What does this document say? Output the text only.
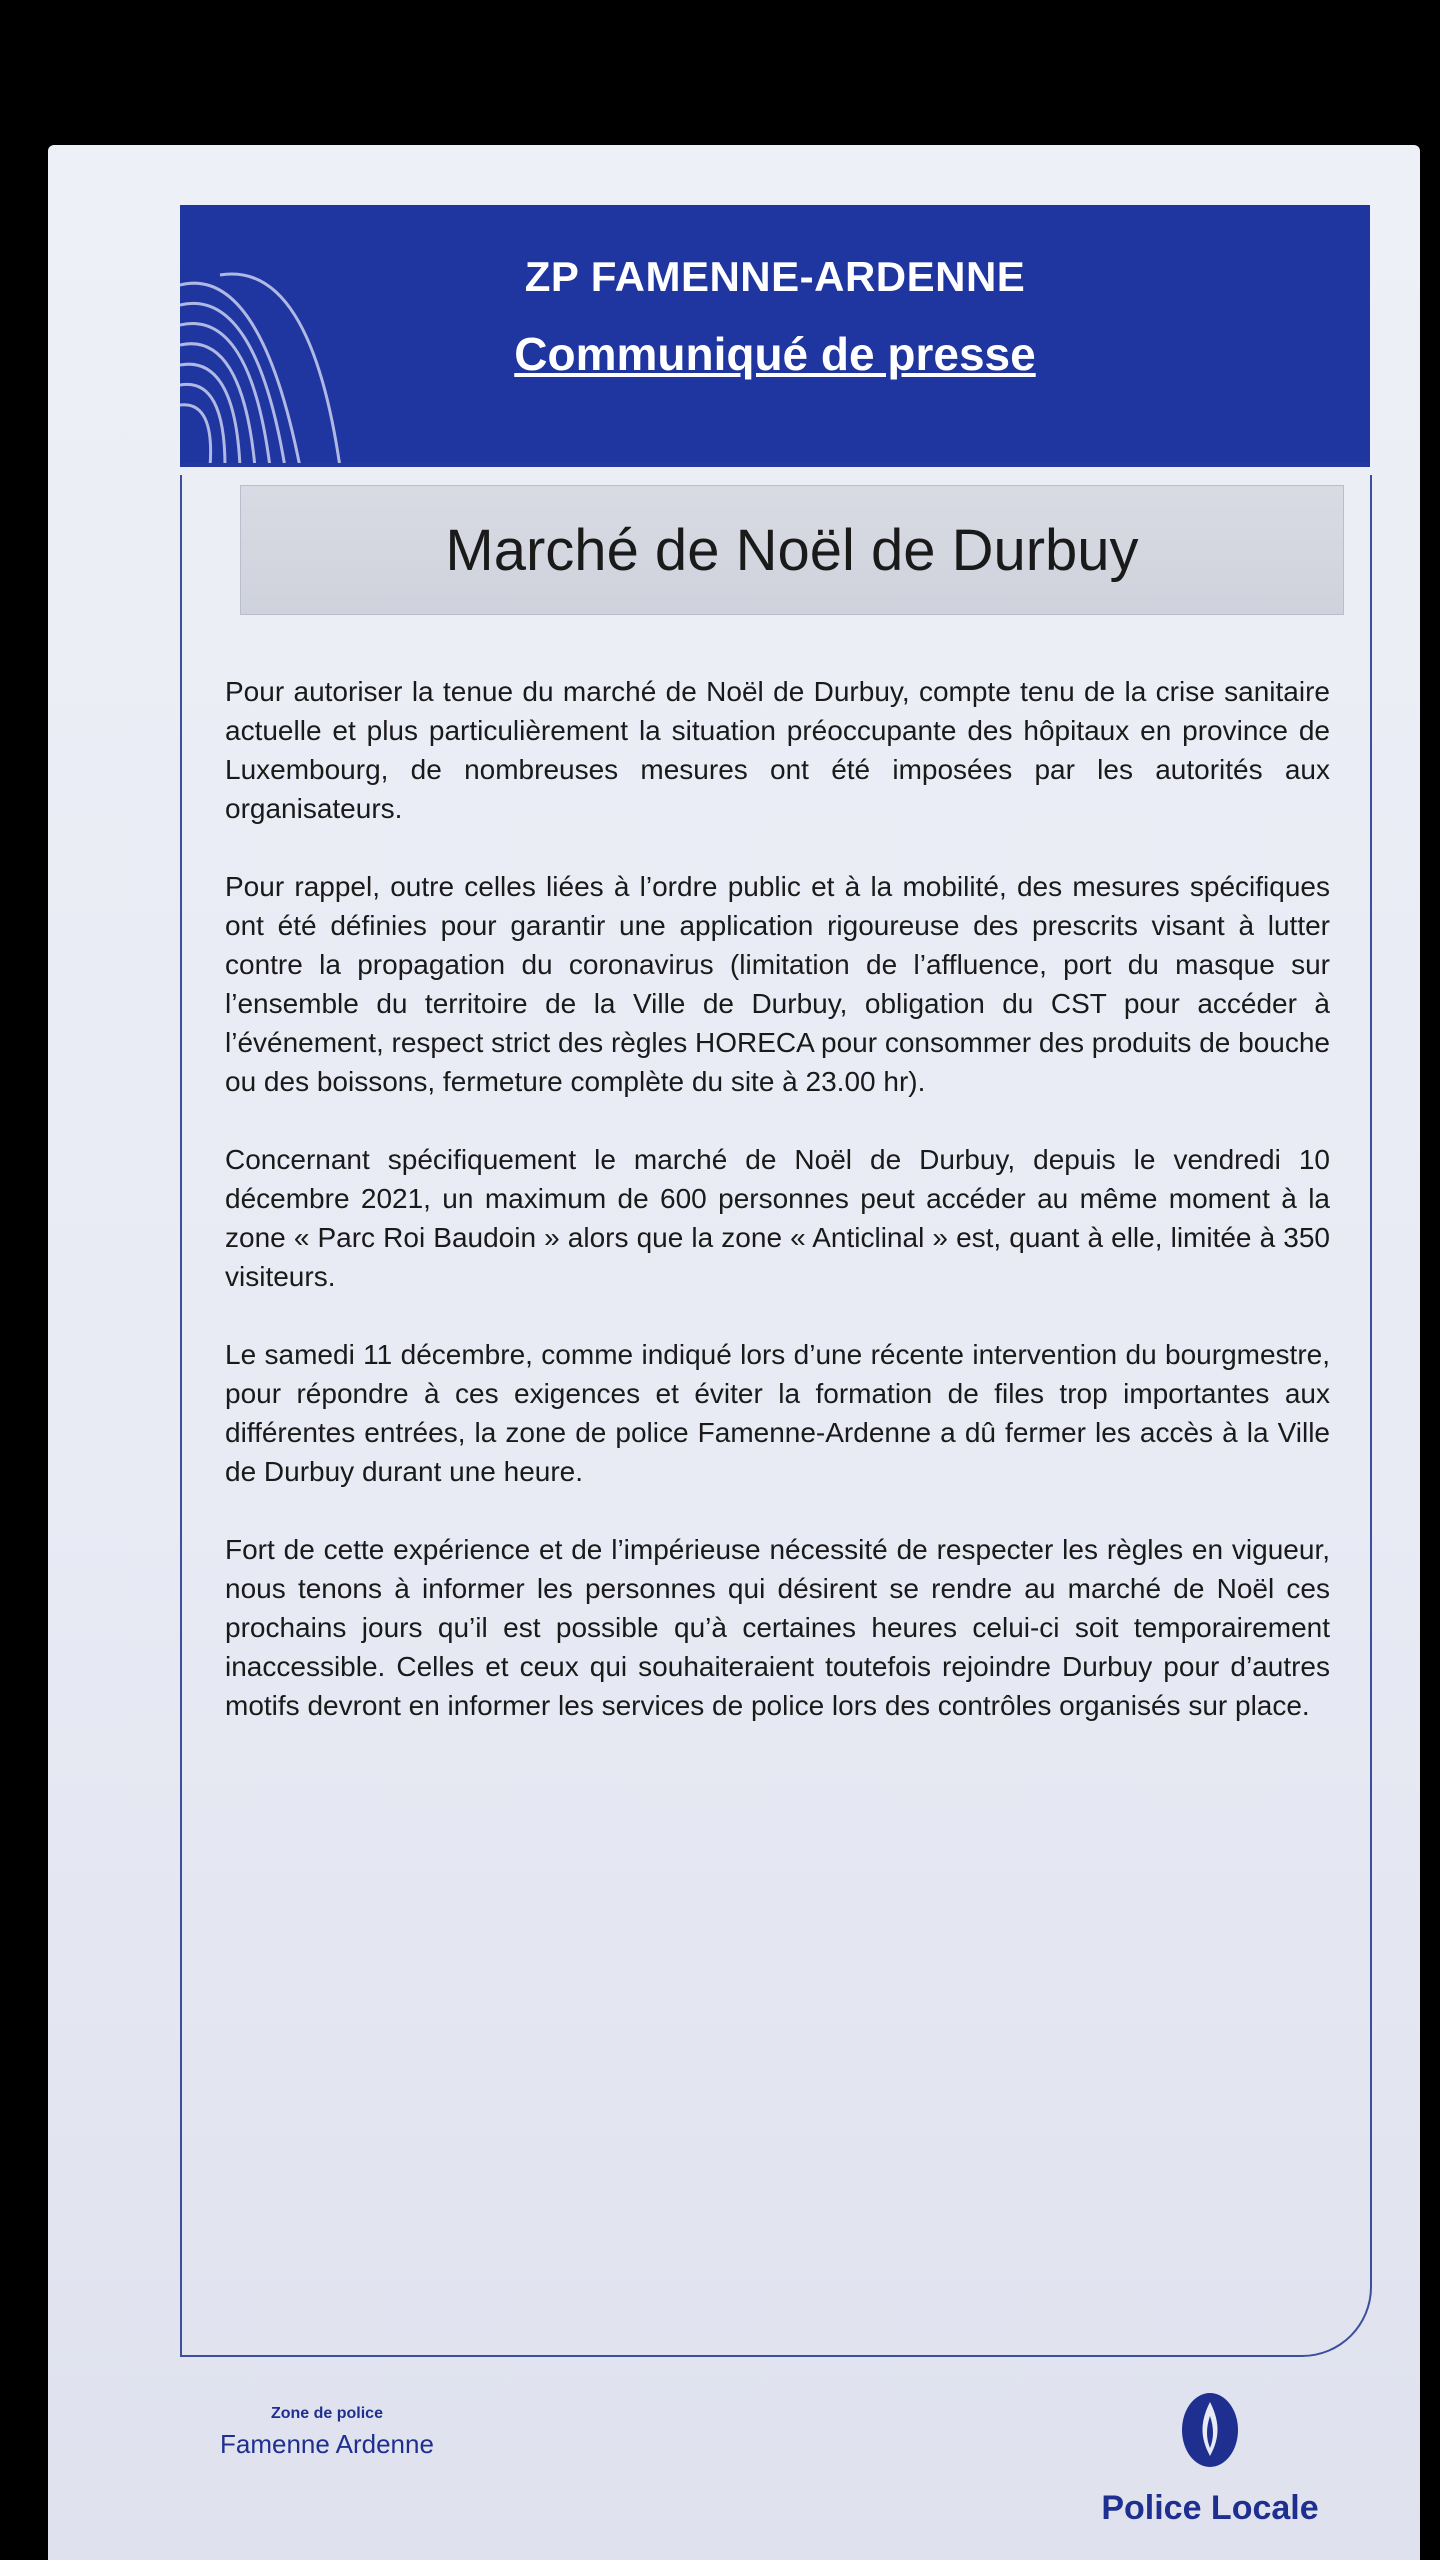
ZP FAMENNE-ARDENNE
Communiqué de presse
Marché de Noël de Durbuy

Pour autoriser la tenue du marché de Noël de Durbuy, compte tenu de la crise sanitaire actuelle et plus particulièrement la situation préoccupante des hôpitaux en province de Luxembourg, de nombreuses mesures ont été imposées par les autorités aux organisateurs.

Pour rappel, outre celles liées à l’ordre public et à la mobilité, des mesures spécifiques ont été définies pour garantir une application rigoureuse des prescrits visant à lutter contre la propagation du coronavirus (limitation de l’affluence, port du masque sur l’ensemble du territoire de la Ville de Durbuy, obligation du CST pour accéder à l’événement, respect strict des règles HORECA pour consommer des produits de bouche ou des boissons, fermeture complète du site à 23.00 hr).

Concernant spécifiquement le marché de Noël de Durbuy, depuis le vendredi 10 décembre 2021, un maximum de 600 personnes peut accéder au même moment à la zone « Parc Roi Baudoin » alors que la zone « Anticlinal » est, quant à elle, limitée à 350 visiteurs.

Le samedi 11 décembre, comme indiqué lors d’une récente intervention du bourgmestre, pour répondre à ces exigences et éviter la formation de files trop importantes aux différentes entrées, la zone de police Famenne-Ardenne a dû fermer les accès à la Ville de Durbuy durant une heure.

Fort de cette expérience et de l’impérieuse nécessité de respecter les règles en vigueur, nous tenons à informer les personnes qui désirent se rendre au marché de Noël ces prochains jours qu’il est possible qu’à certaines heures celui-ci soit temporairement inaccessible. Celles et ceux qui souhaiteraient toutefois rejoindre Durbuy pour d’autres motifs devront en informer les services de police lors des contrôles organisés sur place.

Zone de police
Famenne Ardenne
Police Locale
